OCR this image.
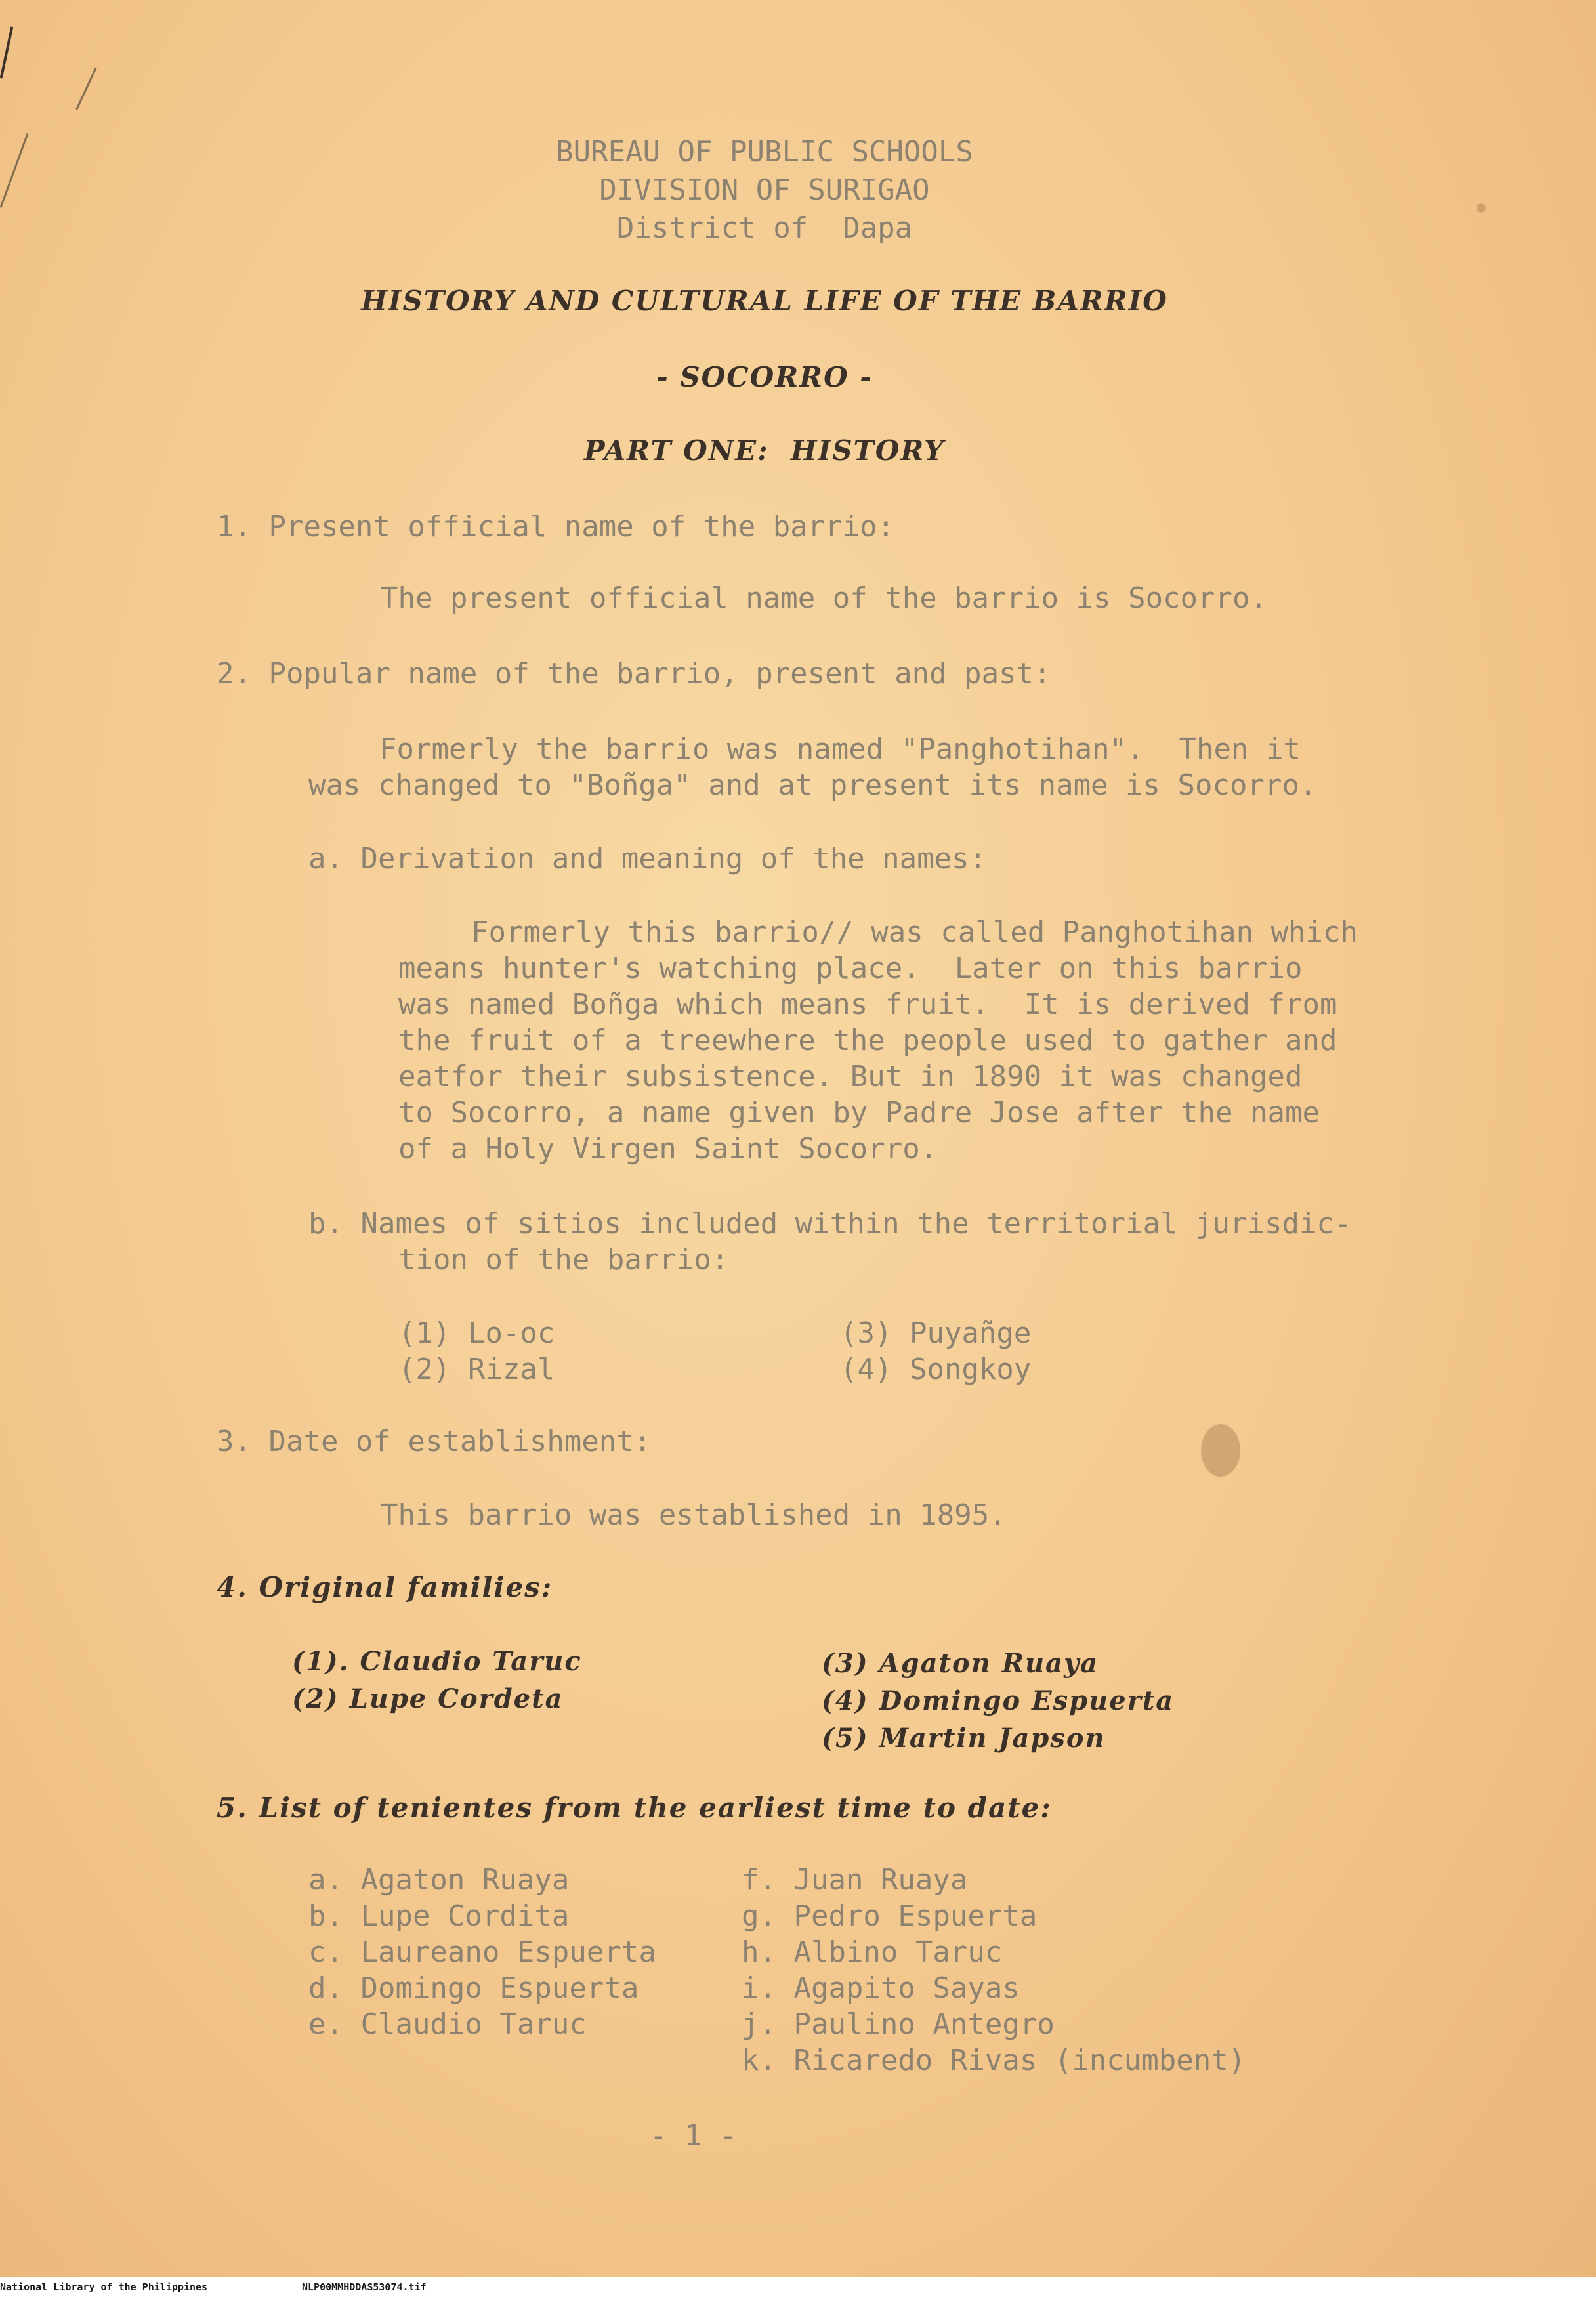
BUREAU OF PUBLIC SCHOOLS
DIVISION OF SURIGAO
District of  Dapa
HISTORY AND CULTURAL LIFE OF THE BARRIO
- SOCORRO -
PART ONE:  HISTORY
1. Present official name of the barrio:
The present official name of the barrio is Socorro.
2. Popular name of the barrio, present and past:
Formerly the barrio was named "Panghotihan".  Then it
was changed to "Boñga" and at present its name is Socorro.
a. Derivation and meaning of the names:
Formerly this barrio// was called Panghotihan which
means hunter's watching place.  Later on this barrio
was named Boñga which means fruit.  It is derived from
the fruit of a treewhere the people used to gather and
eatfor their subsistence. But in 1890 it was changed
to Socorro, a name given by Padre Jose after the name
of a Holy Virgen Saint Socorro.
b. Names of sitios included within the territorial jurisdic-
tion of the barrio:
(1) Lo-oc
(2) Rizal
(3) Puyañge
(4) Songkoy
3. Date of establishment:
This barrio was established in 1895.
4. Original families:
(1). Claudio Taruc
(2) Lupe Cordeta
(3) Agaton Ruaya
(4) Domingo Espuerta
(5) Martin Japson
5. List of tenientes from the earliest time to date:
a. Agaton Ruaya
b. Lupe Cordita
c. Laureano Espuerta
d. Domingo Espuerta
e. Claudio Taruc
f. Juan Ruaya
g. Pedro Espuerta
h. Albino Taruc
i. Agapito Sayas
j. Paulino Antegro
k. Ricaredo Rivas (incumbent)
- 1 -
National Library of the Philippines	NLP00MMHDDAS53074.tif
